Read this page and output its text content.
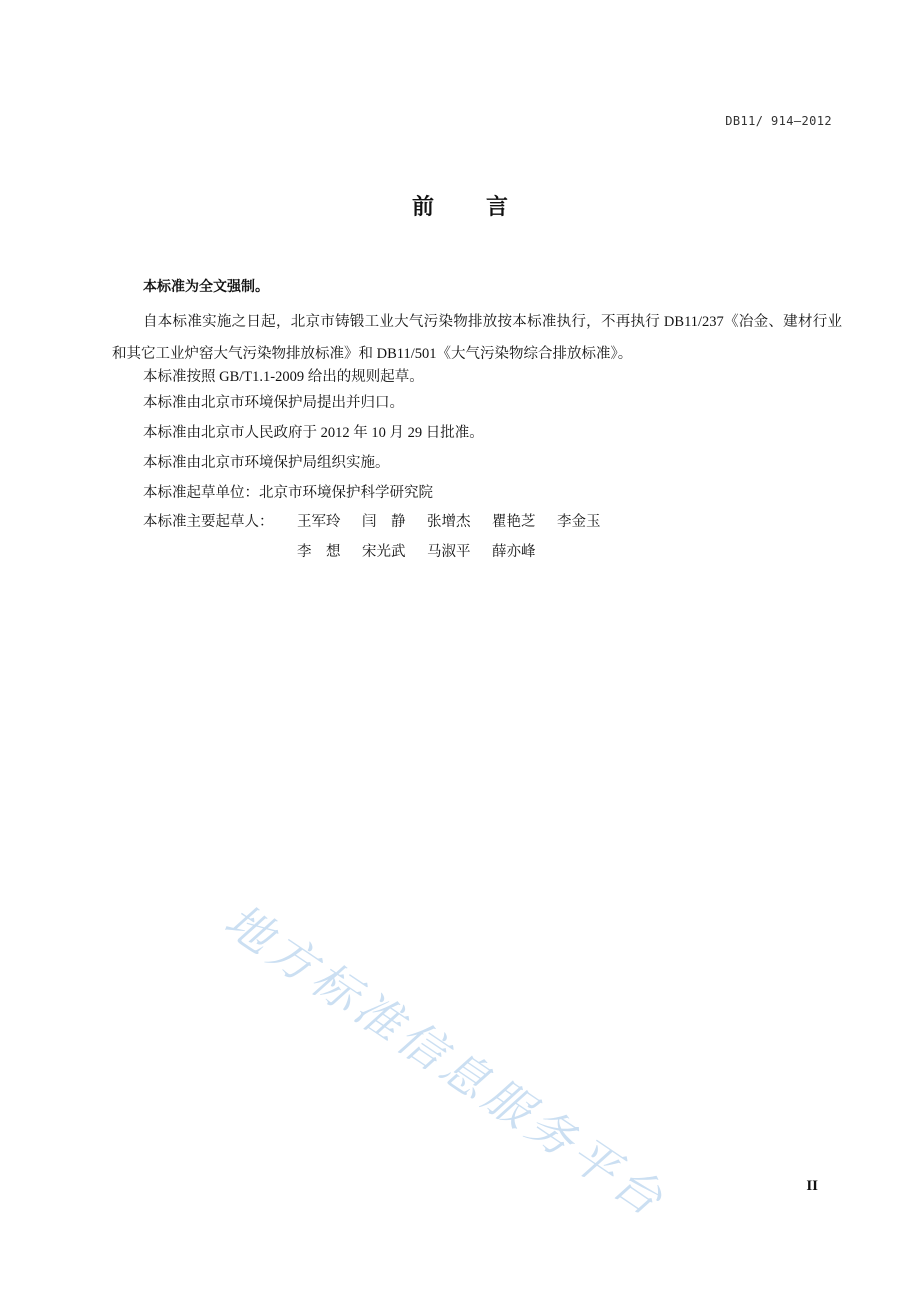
DB11/ 914—2012
前 言
本标准为全文强制。
自本标准实施之日起，北京市铸锻工业大气污染物排放按本标准执行，不再执行 DB11/237《冶金、建材行业和其它工业炉窑大气污染物排放标准》和 DB11/501《大气污染物综合排放标准》。
本标准按照 GB/T1.1-2009 给出的规则起草。
本标准由北京市环境保护局提出并归口。
本标准由北京市人民政府于 2012 年 10 月 29 日批准。
本标准由北京市环境保护局组织实施。
本标准起草单位：北京市环境保护科学研究院
本标准主要起草人： 王军玲 闫　静 张增杰 瞿艳芝 李金玉
李　想 宋光武 马淑平 薛亦峰
地方标准信息服务平台	II
